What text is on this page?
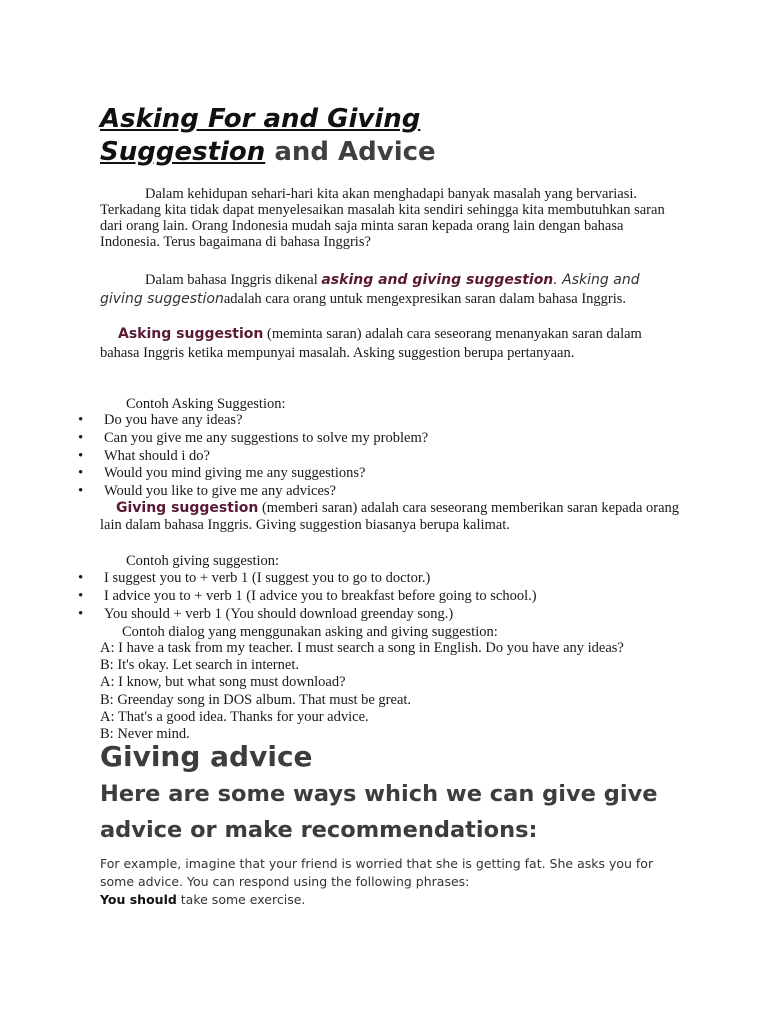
Asking For and Giving
Suggestion and Advice

Dalam kehidupan sehari-hari kita akan menghadapi banyak masalah yang bervariasi. Terkadang kita tidak dapat menyelesaikan masalah kita sendiri sehingga kita membutuhkan saran dari orang lain. Orang Indonesia mudah saja minta saran kepada orang lain dengan bahasa Indonesia. Terus bagaimana di bahasa Inggris?

Dalam bahasa Inggris dikenal asking and giving suggestion. Asking and giving suggestionadalah cara orang untuk mengexpresikan saran dalam bahasa Inggris.

Asking suggestion (meminta saran) adalah cara seseorang menanyakan saran dalam bahasa Inggris ketika mempunyai masalah. Asking suggestion berupa pertanyaan.

Contoh Asking Suggestion:

• Do you have any ideas?
• Can you give me any suggestions to solve my problem?
• What should i do?
• Would you mind giving me any suggestions?
• Would you like to give me any advices?

Giving suggestion (memberi saran) adalah cara seseorang memberikan saran kepada orang lain dalam bahasa Inggris. Giving suggestion biasanya berupa kalimat.

Contoh giving suggestion:

• I suggest you to + verb 1 (I suggest you to go to doctor.)
• I advice you to + verb 1 (I advice you to breakfast before going to school.)
• You should + verb 1 (You should download greenday song.)

Contoh dialog yang menggunakan asking and giving suggestion:

A: I have a task from my teacher. I must search a song in English. Do you have any ideas?
B: It's okay. Let search in internet.
A: I know, but what song must download?
B: Greenday song in DOS album. That must be great.
A: That's a good idea. Thanks for your advice.
B: Never mind.
Giving advice
Here are some ways which we can give give advice or make recommendations:

For example, imagine that your friend is worried that she is getting fat. She asks you for some advice. You can respond using the following phrases:

You should take some exercise.
